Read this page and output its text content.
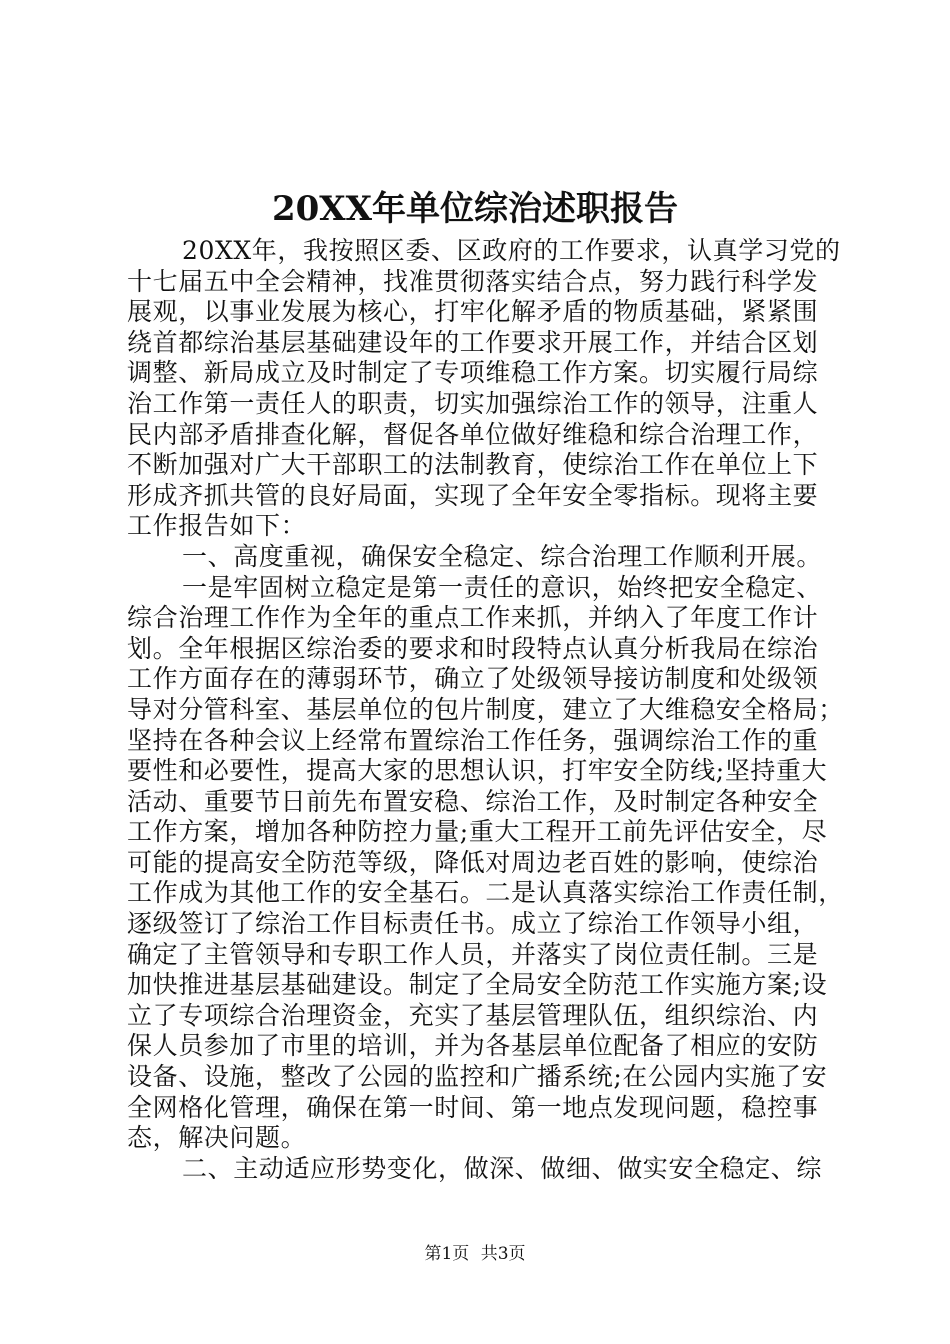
20XX年单位综治述职报告
20XX年，我按照区委、区政府的工作要求，认真学习党的
十七届五中全会精神，找准贯彻落实结合点，努力践行科学发
展观，以事业发展为核心，打牢化解矛盾的物质基础，紧紧围
绕首都综治基层基础建设年的工作要求开展工作，并结合区划
调整、新局成立及时制定了专项维稳工作方案。切实履行局综
治工作第一责任人的职责，切实加强综治工作的领导，注重人
民内部矛盾排查化解，督促各单位做好维稳和综合治理工作，
不断加强对广大干部职工的法制教育，使综治工作在单位上下
形成齐抓共管的良好局面，实现了全年安全零指标。现将主要
工作报告如下：
一、高度重视，确保安全稳定、综合治理工作顺利开展。
一是牢固树立稳定是第一责任的意识，始终把安全稳定、
综合治理工作作为全年的重点工作来抓，并纳入了年度工作计
划。全年根据区综治委的要求和时段特点认真分析我局在综治
工作方面存在的薄弱环节，确立了处级领导接访制度和处级领
导对分管科室、基层单位的包片制度，建立了大维稳安全格局；
坚持在各种会议上经常布置综治工作任务，强调综治工作的重
要性和必要性，提高大家的思想认识，打牢安全防线;坚持重大
活动、重要节日前先布置安稳、综治工作，及时制定各种安全
工作方案，增加各种防控力量;重大工程开工前先评估安全，尽
可能的提高安全防范等级，降低对周边老百姓的影响，使综治
工作成为其他工作的安全基石。二是认真落实综治工作责任制，
逐级签订了综治工作目标责任书。成立了综治工作领导小组，
确定了主管领导和专职工作人员，并落实了岗位责任制。三是
加快推进基层基础建设。制定了全局安全防范工作实施方案;设
立了专项综合治理资金，充实了基层管理队伍，组织综治、内
保人员参加了市里的培训，并为各基层单位配备了相应的安防
设备、设施，整改了公园的监控和广播系统;在公园内实施了安
全网格化管理，确保在第一时间、第一地点发现问题，稳控事
态，解决问题。
二、主动适应形势变化，做深、做细、做实安全稳定、综
第1页 共3页
